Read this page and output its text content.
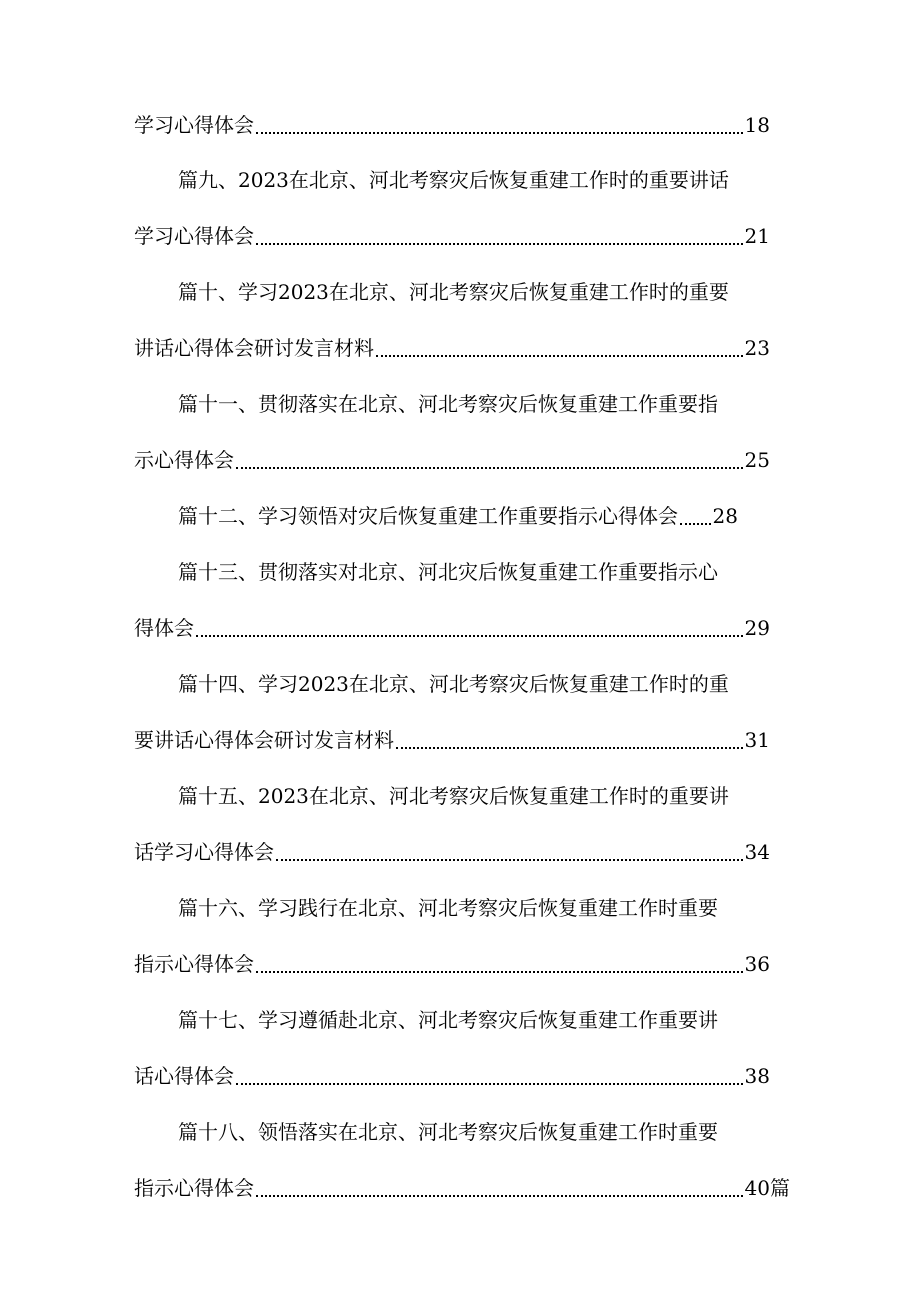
学习心得体会	18
篇九、2023在北京、河北考察灾后恢复重建工作时的重要讲话
学习心得体会	21
篇十、学习2023在北京、河北考察灾后恢复重建工作时的重要
讲话心得体会研讨发言材料	23
篇十一、贯彻落实在北京、河北考察灾后恢复重建工作重要指
示心得体会	25
篇十二、学习领悟对灾后恢复重建工作重要指示心得体会 28
篇十三、贯彻落实对北京、河北灾后恢复重建工作重要指示心
得体会	29
篇十四、学习2023在北京、河北考察灾后恢复重建工作时的重
要讲话心得体会研讨发言材料	31
篇十五、2023在北京、河北考察灾后恢复重建工作时的重要讲
话学习心得体会	34
篇十六、学习践行在北京、河北考察灾后恢复重建工作时重要
指示心得体会	36
篇十七、学习遵循赴北京、河北考察灾后恢复重建工作重要讲
话心得体会	38
篇十八、领悟落实在北京、河北考察灾后恢复重建工作时重要
指示心得体会	40 篇
